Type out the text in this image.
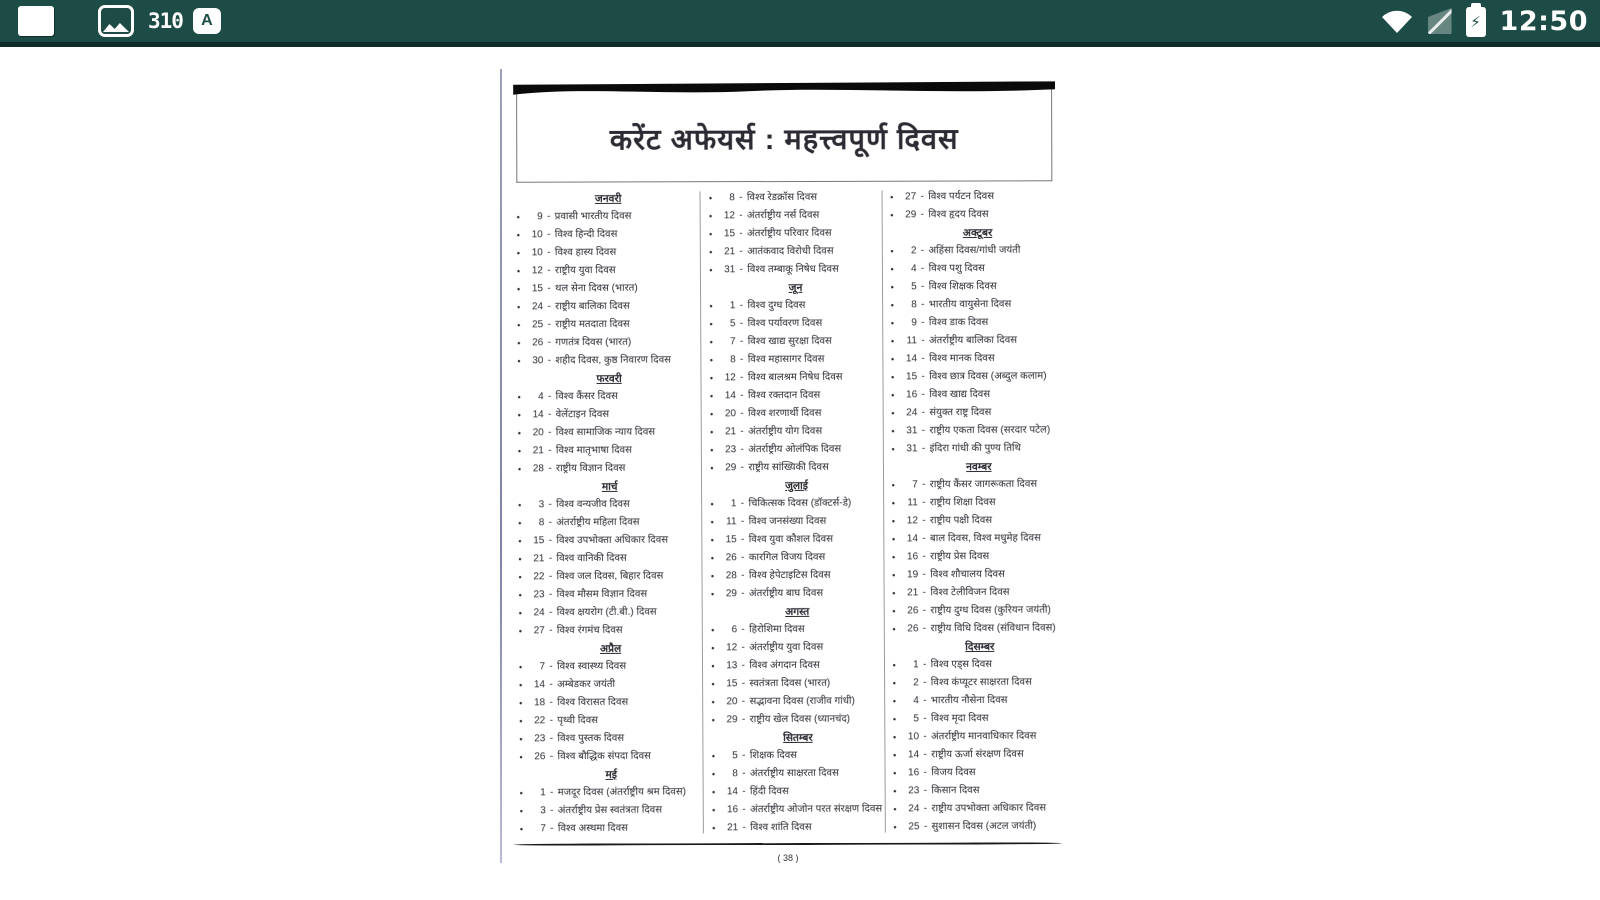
310	A	⚡ 12:50
करेंट अफेयर्स : महत्त्वपूर्ण दिवस
जनवरी
•	9 - प्रवासी भारतीय दिवस
•	10 - विश्व हिन्दी दिवस
•	10 - विश्व हास्य दिवस
•	12 - राष्ट्रीय युवा दिवस
•	15 - थल सेना दिवस (भारत)
•	24 - राष्ट्रीय बालिका दिवस
•	25 - राष्ट्रीय मतदाता दिवस
•	26 - गणतंत्र दिवस (भारत)
•	30 - शहीद दिवस, कुष्ठ निवारण दिवस
फरवरी
•	4 - विश्व कैंसर दिवस
•	14 - वेलेंटाइन दिवस
•	20 - विश्व सामाजिक न्याय दिवस
•	21 - विश्व मातृभाषा दिवस
•	28 - राष्ट्रीय विज्ञान दिवस
मार्च
•	3 - विश्व वन्यजीव दिवस
•	8 - अंतर्राष्ट्रीय महिला दिवस
•	15 - विश्व उपभोक्ता अधिकार दिवस
•	21 - विश्व वानिकी दिवस
•	22 - विश्व जल दिवस, बिहार दिवस
•	23 - विश्व मौसम विज्ञान दिवस
•	24 - विश्व क्षयरोग (टी.बी.) दिवस
•	27 - विश्व रंगमंच दिवस
अप्रैल
•	7 - विश्व स्वास्थ्य दिवस
•	14 - अम्बेडकर जयंती
•	18 - विश्व विरासत दिवस
•	22 - पृथ्वी दिवस
•	23 - विश्व पुस्तक दिवस
•	26 - विश्व बौद्धिक संपदा दिवस
मई
•	1 - मजदूर दिवस (अंतर्राष्ट्रीय श्रम दिवस)
•	3 - अंतर्राष्ट्रीय प्रेस स्वतंत्रता दिवस
•	7 - विश्व अस्थमा दिवस
•	8 - विश्व रेडक्रॉस दिवस
•	12 - अंतर्राष्ट्रीय नर्स दिवस
•	15 - अंतर्राष्ट्रीय परिवार दिवस
•	21 - आतंकवाद विरोधी दिवस
•	31 - विश्व तम्बाकू निषेध दिवस
जून
•	1 - विश्व दुग्ध दिवस
•	5 - विश्व पर्यावरण दिवस
•	7 - विश्व खाद्य सुरक्षा दिवस
•	8 - विश्व महासागर दिवस
•	12 - विश्व बालश्रम निषेध दिवस
•	14 - विश्व रक्तदान दिवस
•	20 - विश्व शरणार्थी दिवस
•	21 - अंतर्राष्ट्रीय योग दिवस
•	23 - अंतर्राष्ट्रीय ओलंपिक दिवस
•	29 - राष्ट्रीय सांख्यिकी दिवस
जुलाई
•	1 - चिकित्सक दिवस (डॉक्टर्स-डे)
•	11 - विश्व जनसंख्या दिवस
•	15 - विश्व युवा कौशल दिवस
•	26 - कारगिल विजय दिवस
•	28 - विश्व हेपेटाइटिस दिवस
•	29 - अंतर्राष्ट्रीय बाघ दिवस
अगस्त
•	6 - हिरोशिमा दिवस
•	12 - अंतर्राष्ट्रीय युवा दिवस
•	13 - विश्व अंगदान दिवस
•	15 - स्वतंत्रता दिवस (भारत)
•	20 - सद्भावना दिवस (राजीव गांधी)
•	29 - राष्ट्रीय खेल दिवस (ध्यानचंद)
सितम्बर
•	5 - शिक्षक दिवस
•	8 - अंतर्राष्ट्रीय साक्षरता दिवस
•	14 - हिंदी दिवस
•	16 - अंतर्राष्ट्रीय ओजोन परत संरक्षण दिवस
•	21 - विश्व शांति दिवस
•	27 - विश्व पर्यटन दिवस
•	29 - विश्व हृदय दिवस
अक्टूबर
•	2 - अहिंसा दिवस/गांधी जयंती
•	4 - विश्व पशु दिवस
•	5 - विश्व शिक्षक दिवस
•	8 - भारतीय वायुसेना दिवस
•	9 - विश्व डाक दिवस
•	11 - अंतर्राष्ट्रीय बालिका दिवस
•	14 - विश्व मानक दिवस
•	15 - विश्व छात्र दिवस (अब्दुल कलाम)
•	16 - विश्व खाद्य दिवस
•	24 - संयुक्त राष्ट्र दिवस
•	31 - राष्ट्रीय एकता दिवस (सरदार पटेल)
•	31 - इंदिरा गांधी की पुण्य तिथि
नवम्बर
•	7 - राष्ट्रीय कैंसर जागरूकता दिवस
•	11 - राष्ट्रीय शिक्षा दिवस
•	12 - राष्ट्रीय पक्षी दिवस
•	14 - बाल दिवस, विश्व मधुमेह दिवस
•	16 - राष्ट्रीय प्रेस दिवस
•	19 - विश्व शौचालय दिवस
•	21 - विश्व टेलीविजन दिवस
•	26 - राष्ट्रीय दुग्ध दिवस (कुरियन जयंती)
•	26 - राष्ट्रीय विधि दिवस (संविधान दिवस)
दिसम्बर
•	1 - विश्व एड्स दिवस
•	2 - विश्व कंप्यूटर साक्षरता दिवस
•	4 - भारतीय नौसेना दिवस
•	5 - विश्व मृदा दिवस
•	10 - अंतर्राष्ट्रीय मानवाधिकार दिवस
•	14 - राष्ट्रीय ऊर्जा संरक्षण दिवस
•	16 - विजय दिवस
•	23 - किसान दिवस
•	24 - राष्ट्रीय उपभोक्ता अधिकार दिवस
•	25 - सुशासन दिवस (अटल जयंती)
( 38 )
